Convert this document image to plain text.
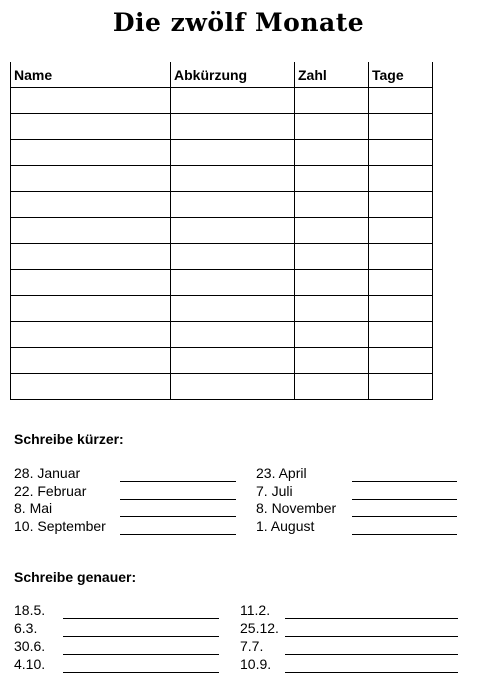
Die zwölf Monate
Name	Abkürzung	Zahl	Tage

Schreibe kürzer:
28. Januar
22. Februar
8. Mai
10. September
23. April
7. Juli
8. November
1. August
Schreibe genauer:
18.5.
6.3.
30.6.
4.10.
11.2.
25.12.
7.7.
10.9.
